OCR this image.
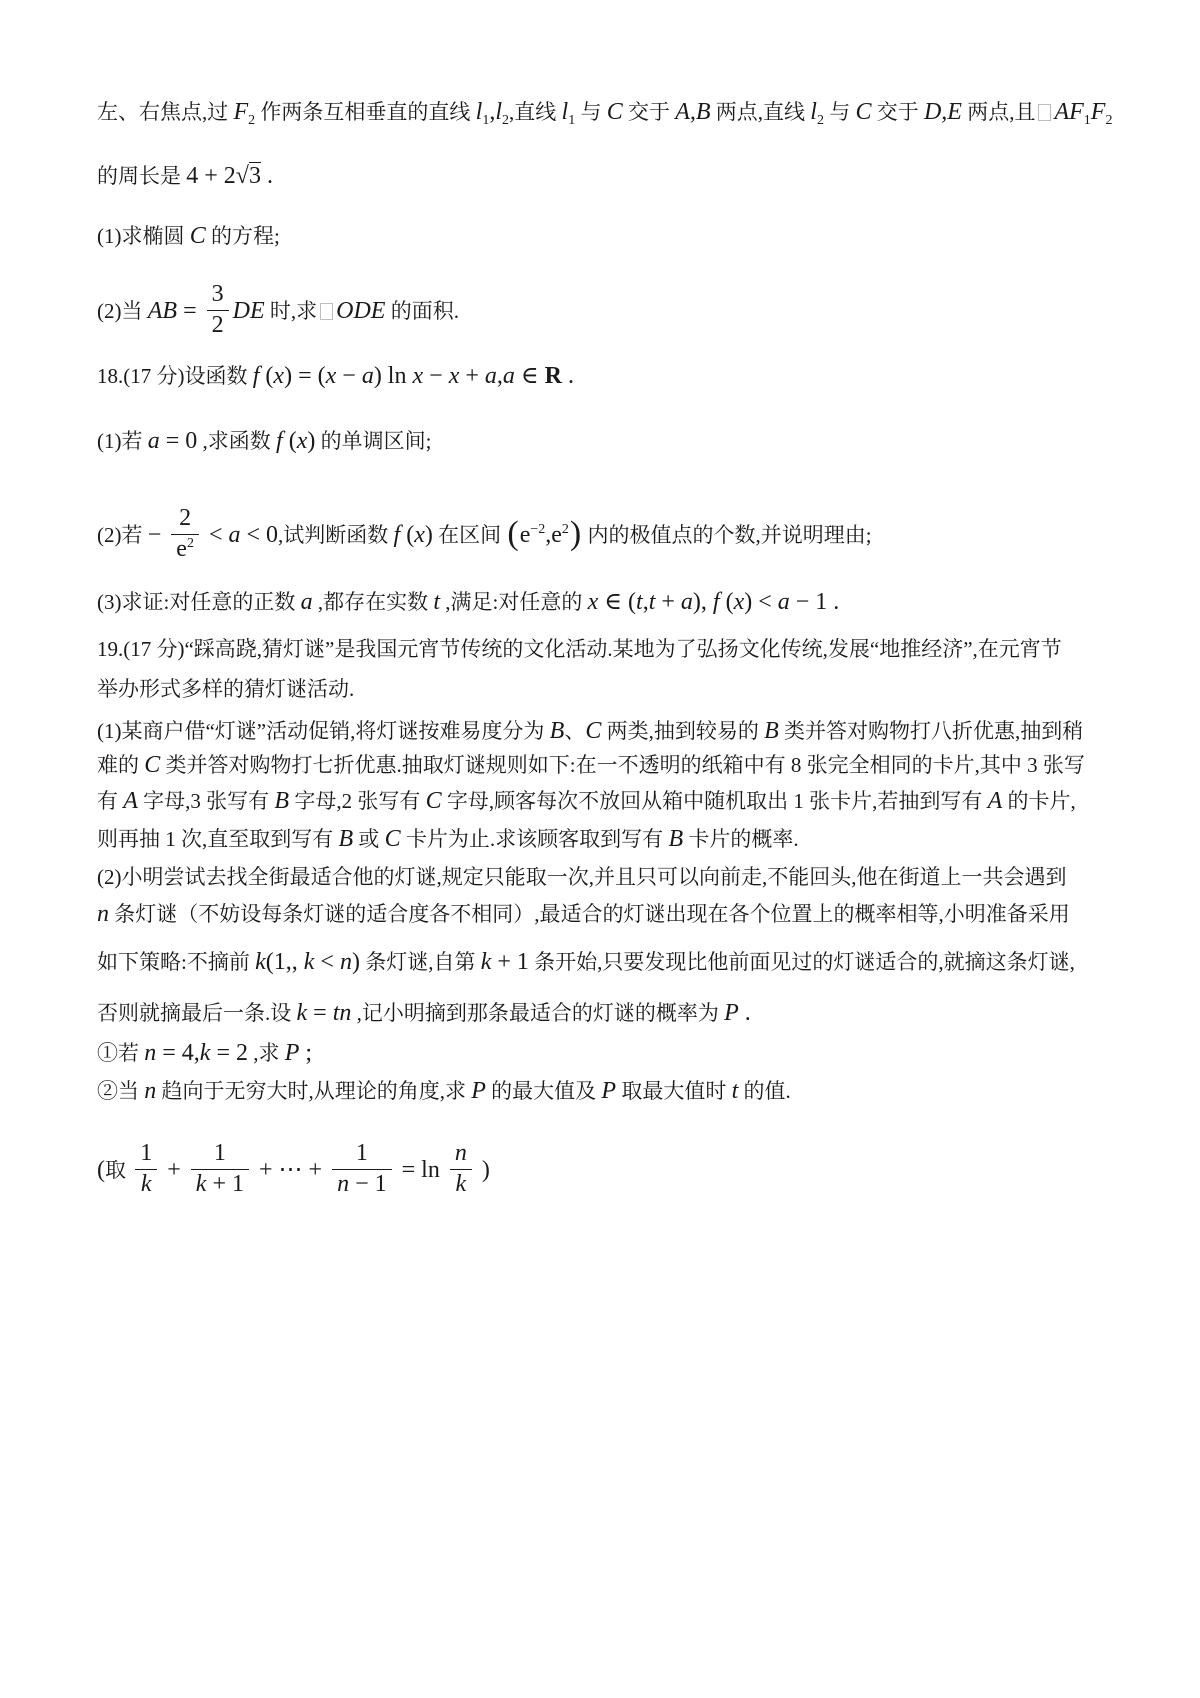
左、右焦点,过 $F_2$ 作两条互相垂直的直线 $l_1,l_2$,直线 $l_1$ 与 C 交于 A,B 两点,直线 $l_2$ 与 C 交于 D,E 两点,且 $AF_1F_2$
的周长是 4 + 2√3 .
(1)求椭圆 C 的方程;
(2)当 AB = $\frac{3}{2}$ DE 时,求 ODE 的面积.
18.(17 分)设函数 f (x) = (x − a) ln x − x + a,a ∈ R .
(1)若 a = 0 ,求函数 f (x) 的单调区间;
(2)若 − $\frac{2}{e^2} < a < 0$,试判断函数 f (x) 在区间 $(e^{-2},e^2)$ 内的极值点的个数,并说明理由;
(3)求证:对任意的正数 a ,都存在实数 t ,满足:对任意的 x ∈ (t,t + a), f (x) < a − 1 .
19.(17 分)“踩高跷,猜灯谜”是我国元宵节传统的文化活动.某地为了弘扬文化传统,发展“地推经济”,在元宵节
举办形式多样的猜灯谜活动.
(1)某商户借“灯谜”活动促销,将灯谜按难易度分为 B、C 两类,抽到较易的 B 类并答对购物打八折优惠,抽到稍
难的 C 类并答对购物打七折优惠.抽取灯谜规则如下:在一不透明的纸箱中有 8 张完全相同的卡片,其中 3 张写
有 A 字母,3 张写有 B 字母,2 张写有 C 字母,顾客每次不放回从箱中随机取出 1 张卡片,若抽到写有 A 的卡片,
则再抽 1 次,直至取到写有 B 或 C 卡片为止.求该顾客取到写有 B 卡片的概率.
(2)小明尝试去找全街最适合他的灯谜,规定只能取一次,并且只可以向前走,不能回头,他在街道上一共会遇到
n 条灯谜（不妨设每条灯谜的适合度各不相同）,最适合的灯谜出现在各个位置上的概率相等,小明准备采用
如下策略:不摘前 k(1,, k < n) 条灯谜,自第 k + 1 条开始,只要发现比他前面见过的灯谜适合的,就摘这条灯谜,
否则就摘最后一条.设 k = tn ,记小明摘到那条最适合的灯谜的概率为 P .
①若 n = 4,k = 2 ,求 P ;
②当 n 趋向于无穷大时,从理论的角度,求 P 的最大值及 P 取最大值时 t 的值.
(取 $\frac{1}{k} + \frac{1}{k + 1}$ + ⋯ + $\frac{1}{n - 1} = \ln \frac{n}{k}$ )
